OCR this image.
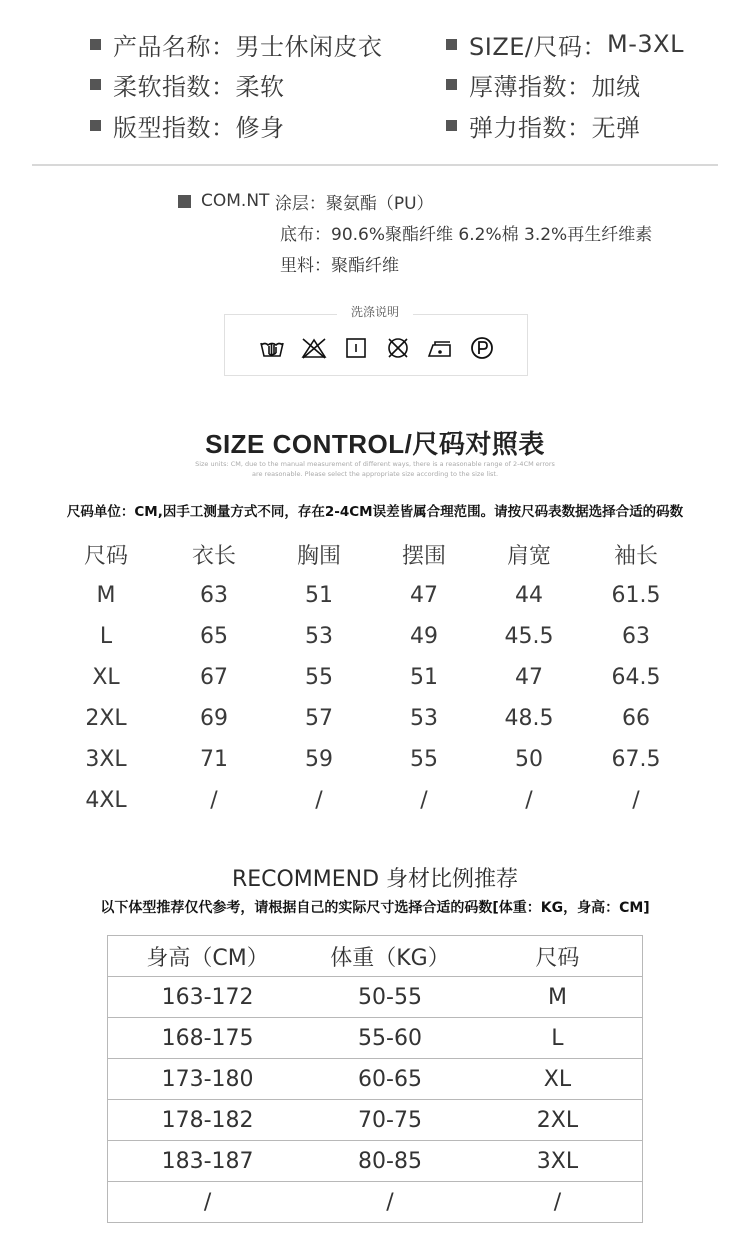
产品名称： 男士休闲皮衣
柔软指数： 柔软
版型指数： 修身
SIZE/尺码： M-3XL
厚薄指数： 加绒
弹力指数： 无弹
COM.NT
涂层： 聚氨酯（PU）
底布： 90.6%聚酯纤维 6.2%棉 3.2%再生纤维素
里料： 聚酯纤维
洗涤说明
SIZE CONTROL/尺码对照表
Size units: CM, due to the manual measurement of different ways, there is a reasonable range of 2-4CM errors
are reasonable. Please select the appropriate size according to the size list.
尺码单位：CM,因手工测量方式不同，存在2-4CM误差皆属合理范围。请按尺码表数据选择合适的码数
尺码	衣长	胸围	摆围	肩宽	袖长
M	63	51	47	44	61.5
L	65	53	49	45.5	63
XL	67	55	51	47	64.5
2XL	69	57	53	48.5	66
3XL	71	59	55	50	67.5
4XL	/	/	/	/	/
RECOMMEND 身材比例推荐
以下体型推荐仅代参考，请根据自己的实际尺寸选择合适的码数[体重：KG，身高：CM]
身高（CM）	体重（KG）	尺码
163-172	50-55	M
168-175	55-60	L
173-180	60-65	XL
178-182	70-75	2XL
183-187	80-85	3XL
/	/	/
